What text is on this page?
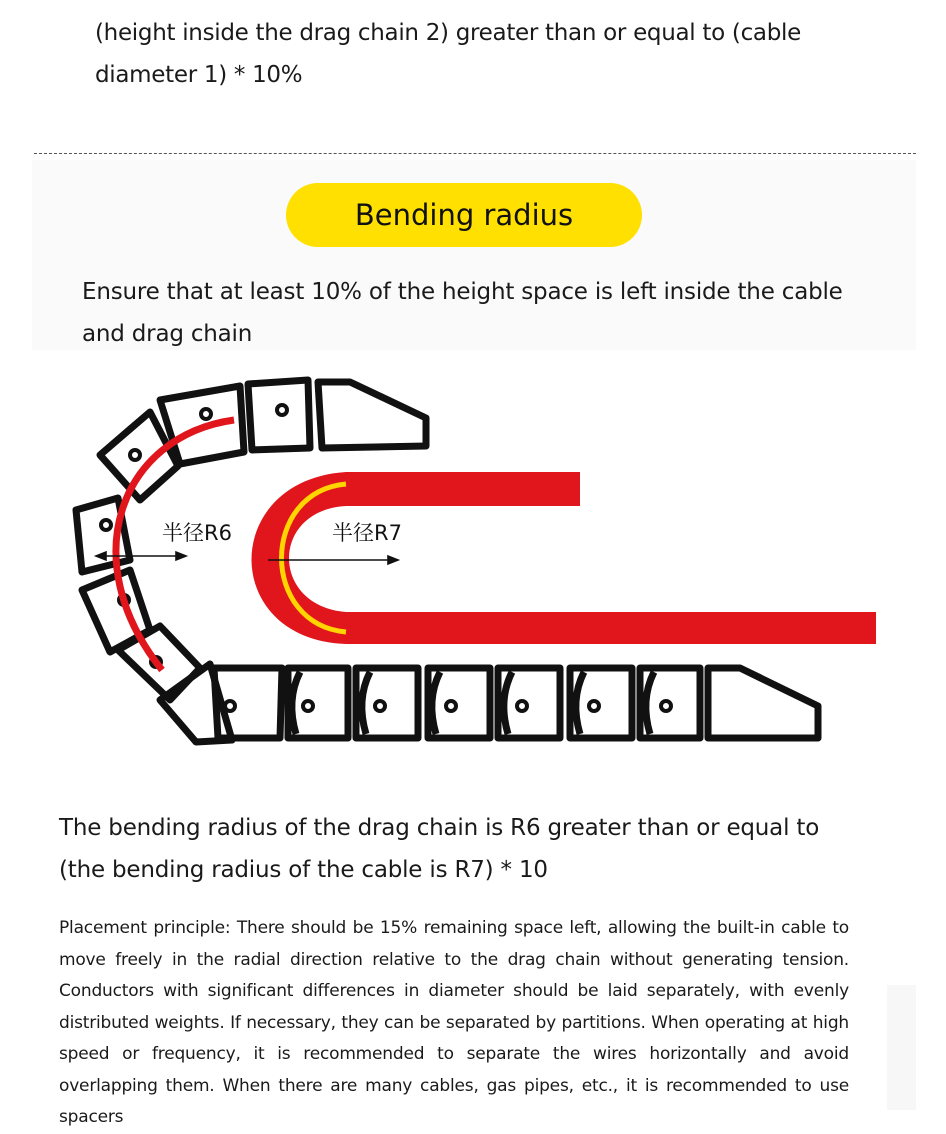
(height inside the drag chain 2) greater than or equal to (cable diameter 1) * 10%

Bending radius

Ensure that at least 10% of the height space is left inside the cable and drag chain

半径R6	半径R7

The bending radius of the drag chain is R6 greater than or equal to (the bending radius of the cable is R7) * 10

Placement principle: There should be 15% remaining space left, allowing the built-in cable to move freely in the radial direction relative to the drag chain without generating tension. Conductors with significant differences in diameter should be laid separately, with evenly distributed weights. If necessary, they can be separated by partitions. When operating at high speed or frequency, it is recommended to separate the wires horizontally and avoid overlapping them. When there are many cables, gas pipes, etc., it is recommended to use spacers
